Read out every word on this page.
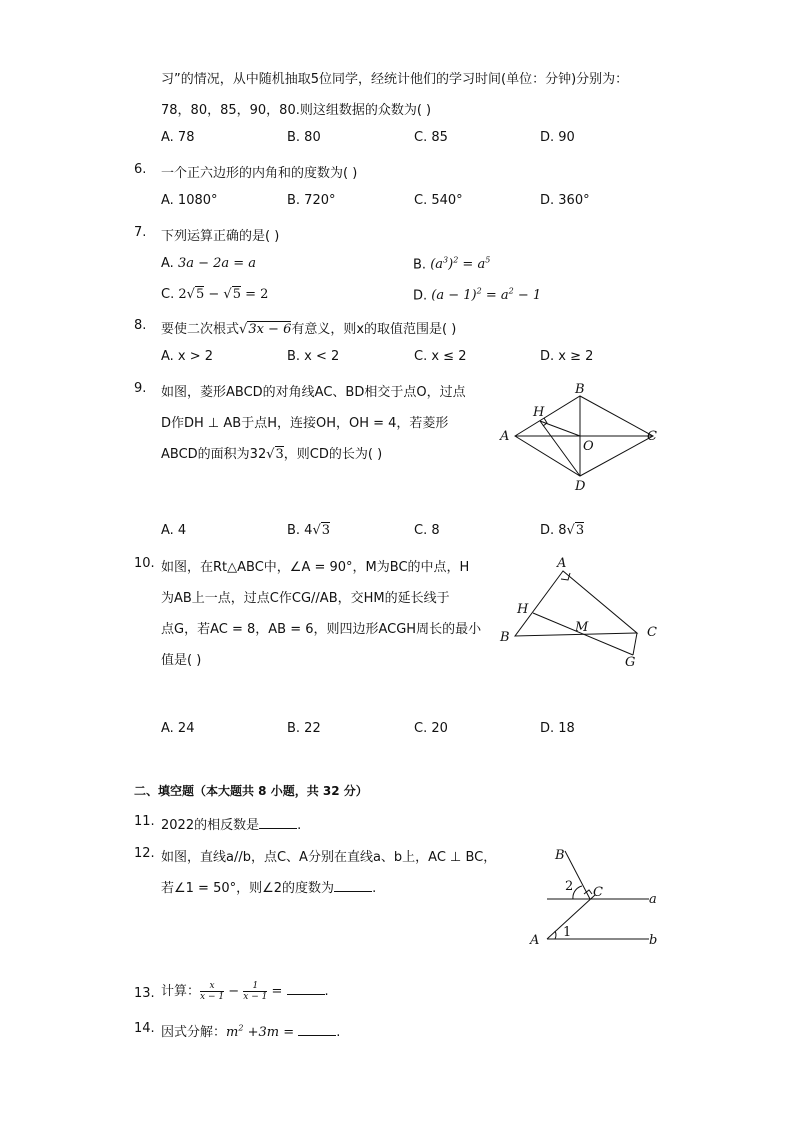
习”的情况，从中随机抽取5位同学，经统计他们的学习时间(单位：分钟)分别为：
78，80，85，90，80.则这组数据的众数为( )
A. 78	B. 80	C. 85	D. 90
6. 一个正六边形的内角和的度数为( )
A. 1080°	B. 720°	C. 540°	D. 360°
7. 下列运算正确的是( )
A. 3a − 2a = a	B. $(a^3)^2 = a^5$
C. 2√5 − √5 = 2	D. $(a - 1)^2 = a^2 - 1$
8. 要使二次根式√3x − 6有意义，则x的取值范围是( )
A. x > 2	B. x < 2	C. x ≤ 2	D. x ≥ 2
9. 如图，菱形ABCD的对角线AC、BD相交于点O，过点
D作DH ⊥ AB于点H，连接OH，OH = 4，若菱形
ABCD的面积为32√3，则CD的长为( )
A
B
C
D
H
O
A. 4	B. 4√3	C. 8	D. 8√3
10. 如图，在Rt△ABC中，∠A = 90°，M为BC的中点，H
为AB上一点，过点C作CG//AB，交HM的延长线于
点G，若AC = 8，AB = 6，则四边形ACGH周长的最小
值是( )
A
B	C
G
H
M
A. 24	B. 22	C. 20	D. 18
二、填空题（本大题共 8 小题，共 32 分）
11. 2022的相反数是	.
12. 如图，直线a//b，点C、A分别在直线a、b上，AC ⊥ BC，
若∠1 = 50°，则∠2的度数为	.
B
C
A
a
b
1
2
13. 计算： $\frac{x}{x - 1} - \frac{1}{x - 1}$ =	.
14. 因式分解：$m^2 +3m$ =	.
